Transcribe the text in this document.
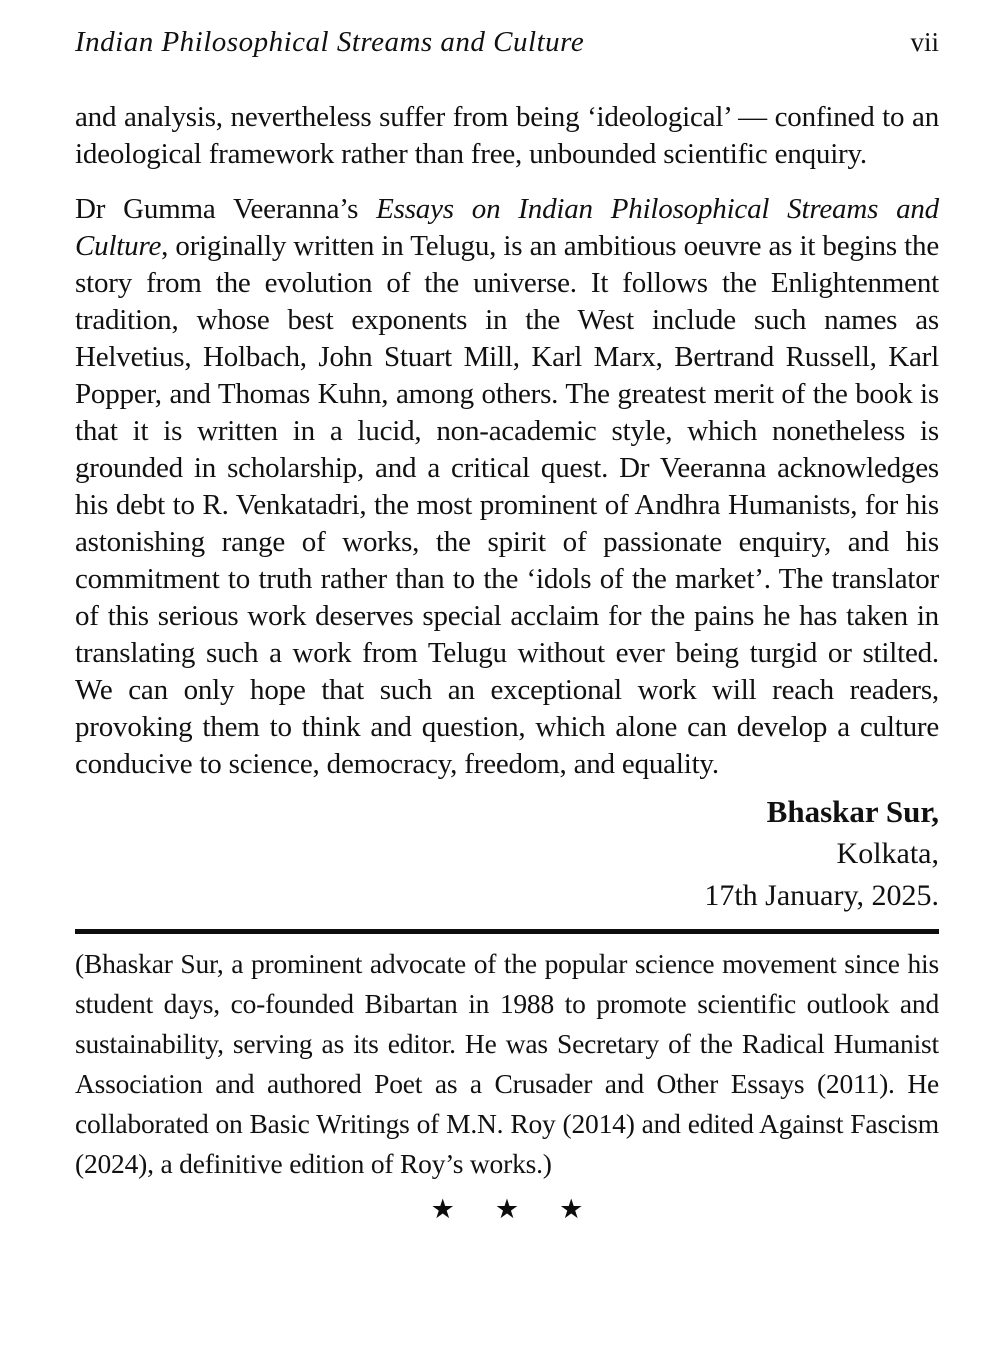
Indian Philosophical Streams and Culture	vii

and analysis, nevertheless suffer from being ‘ideological’ — confined to an ideological framework rather than free, unbounded scientific enquiry.

Dr Gumma Veeranna’s Essays on Indian Philosophical Streams and Culture, originally written in Telugu, is an ambitious oeuvre as it begins the story from the evolution of the universe. It follows the Enlightenment tradition, whose best exponents in the West include such names as Helvetius, Holbach, John Stuart Mill, Karl Marx, Bertrand Russell, Karl Popper, and Thomas Kuhn, among others. The greatest merit of the book is that it is written in a lucid, non-academic style, which nonetheless is grounded in scholarship, and a critical quest. Dr Veeranna acknowledges his debt to R. Venkatadri, the most prominent of Andhra Humanists, for his astonishing range of works, the spirit of passionate enquiry, and his commitment to truth rather than to the ‘idols of the market’. The translator of this serious work deserves special acclaim for the pains he has taken in translating such a work from Telugu without ever being turgid or stilted. We can only hope that such an exceptional work will reach readers, provoking them to think and question, which alone can develop a culture conducive to science, democracy, freedom, and equality.

Bhaskar Sur,
Kolkata,
17th January, 2025.

(Bhaskar Sur, a prominent advocate of the popular science movement since his student days, co-founded Bibartan in 1988 to promote scientific outlook and sustainability, serving as its editor. He was Secretary of the Radical Humanist Association and authored Poet as a Crusader and Other Essays (2011). He collaborated on Basic Writings of M.N. Roy (2014) and edited Against Fascism (2024), a definitive edition of Roy’s works.)

★ ★ ★
